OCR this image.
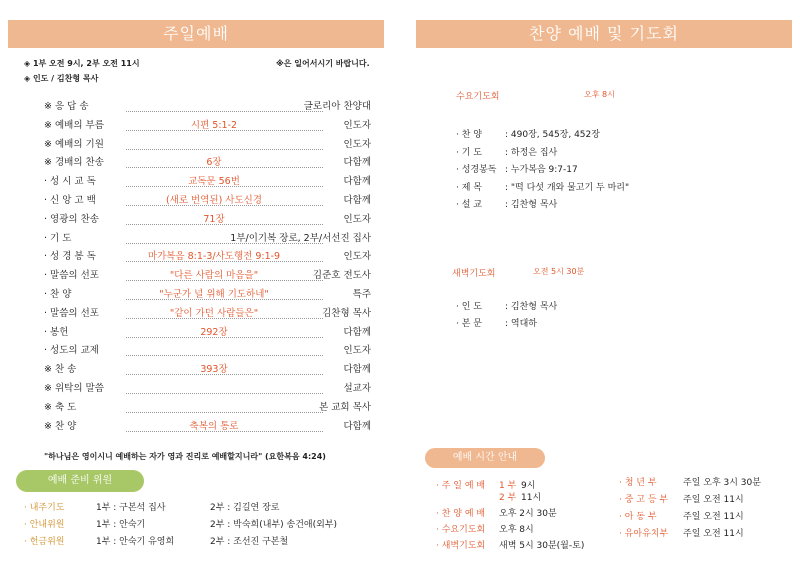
주일예배
◈ 1부 오전 9시, 2부 오전 11시
◈ 인도 / 김찬형 목사
※은 일어서시기 바랍니다.
※ 응 답 송	글로리아 찬양대
※ 예배의 부름	시편 5:1-2	인도자
※ 예배의 기원	인도자
※ 경배의 찬송	6장	다함께
· 성 시 교 독	교독문 56번	다함께
· 신 앙 고 백	(새로 번역된) 사도신경	다함께
· 영광의 찬송	71장	인도자
· 기 도	1부/이기복 장로, 2부/서선진 집사
· 성 경 봉 독	마가복음 8:1-3/사도행전 9:1-9	인도자
· 말씀의 선포	"다른 사람의 마음을"	김준호 전도사
· 찬 양	"누군가 널 위해 기도하네"	특주
· 말씀의 선포	"같이 가던 사람들은"	김찬형 목사
· 봉헌	292장	다함께
· 성도의 교제	인도자
※ 찬 송	393장	다함께
※ 위탁의 말씀	설교자
※ 축 도	본 교회 목사
※ 찬 양	축복의 통로	다함께
"하나님은 영이시니 예배하는 자가 영과 진리로 예배할지니라" (요한복음 4:24)
예배 준비 위원
· 내주기도	1부 : 구본석 집사	2부 : 김길연 장로
· 안내위원	1부 : 안숙기	2부 : 박숙희(내부) 송건애(외부)
· 헌금위원	1부 : 안숙기 유영희	2부 : 조선진 구본철
찬양 예배 및 기도회
수요기도회	오후 8시
· 찬 양	: 490장, 545장, 452장
· 기 도	: 하정은 집사
· 성경봉독 : 누가복음 9:7-17
· 제 목	: "떡 다섯 개와 물고기 두 마리"
· 설 교	: 김찬형 목사
새벽기도회	오전 5시 30분
· 인 도	: 김찬형 목사
· 본 문	: 역대하
예배 시간 안내
· 주 일 예 배 1 부 9시
2 부 11시
· 찬 양 예 배 오후 2시 30분
· 수요기도회 오후 8시
· 새벽기도회 새벽 5시 30분(월-토)
· 청 년 부	주일 오후 3시 30분
· 중 고 등 부 주일 오전 11시
· 아 동 부	주일 오전 11시
· 유아유치부 주일 오전 11시
